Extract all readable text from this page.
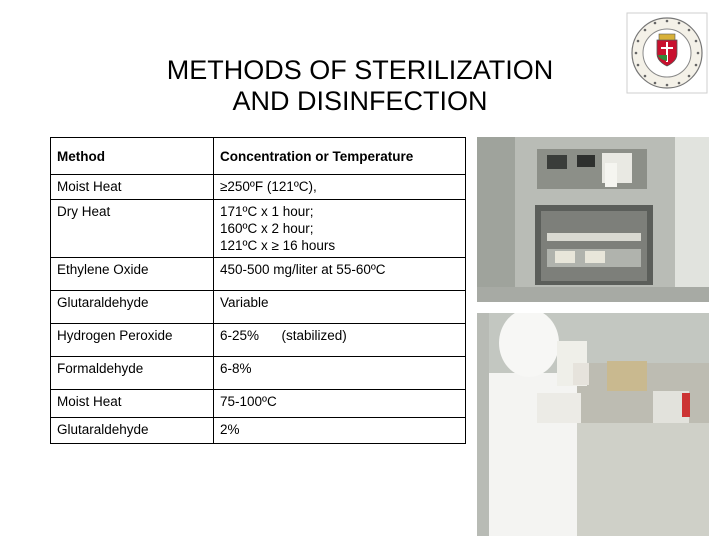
METHODS OF STERILIZATION
AND DISINFECTION
Method	Concentration or Temperature
Moist Heat	≥250ºF (121ºC),

Dry Heat	171ºC x 1 hour;
160ºC x 2 hour;
121ºC x ≥ 16 hours

Ethylene Oxide	450-500 mg/liter at 55-60ºC

Glutaraldehyde	Variable

Hydrogen Peroxide	6-25%      (stabilized)

Formaldehyde	6-8%

Moist Heat	75-100ºC

Glutaraldehyde	2%
